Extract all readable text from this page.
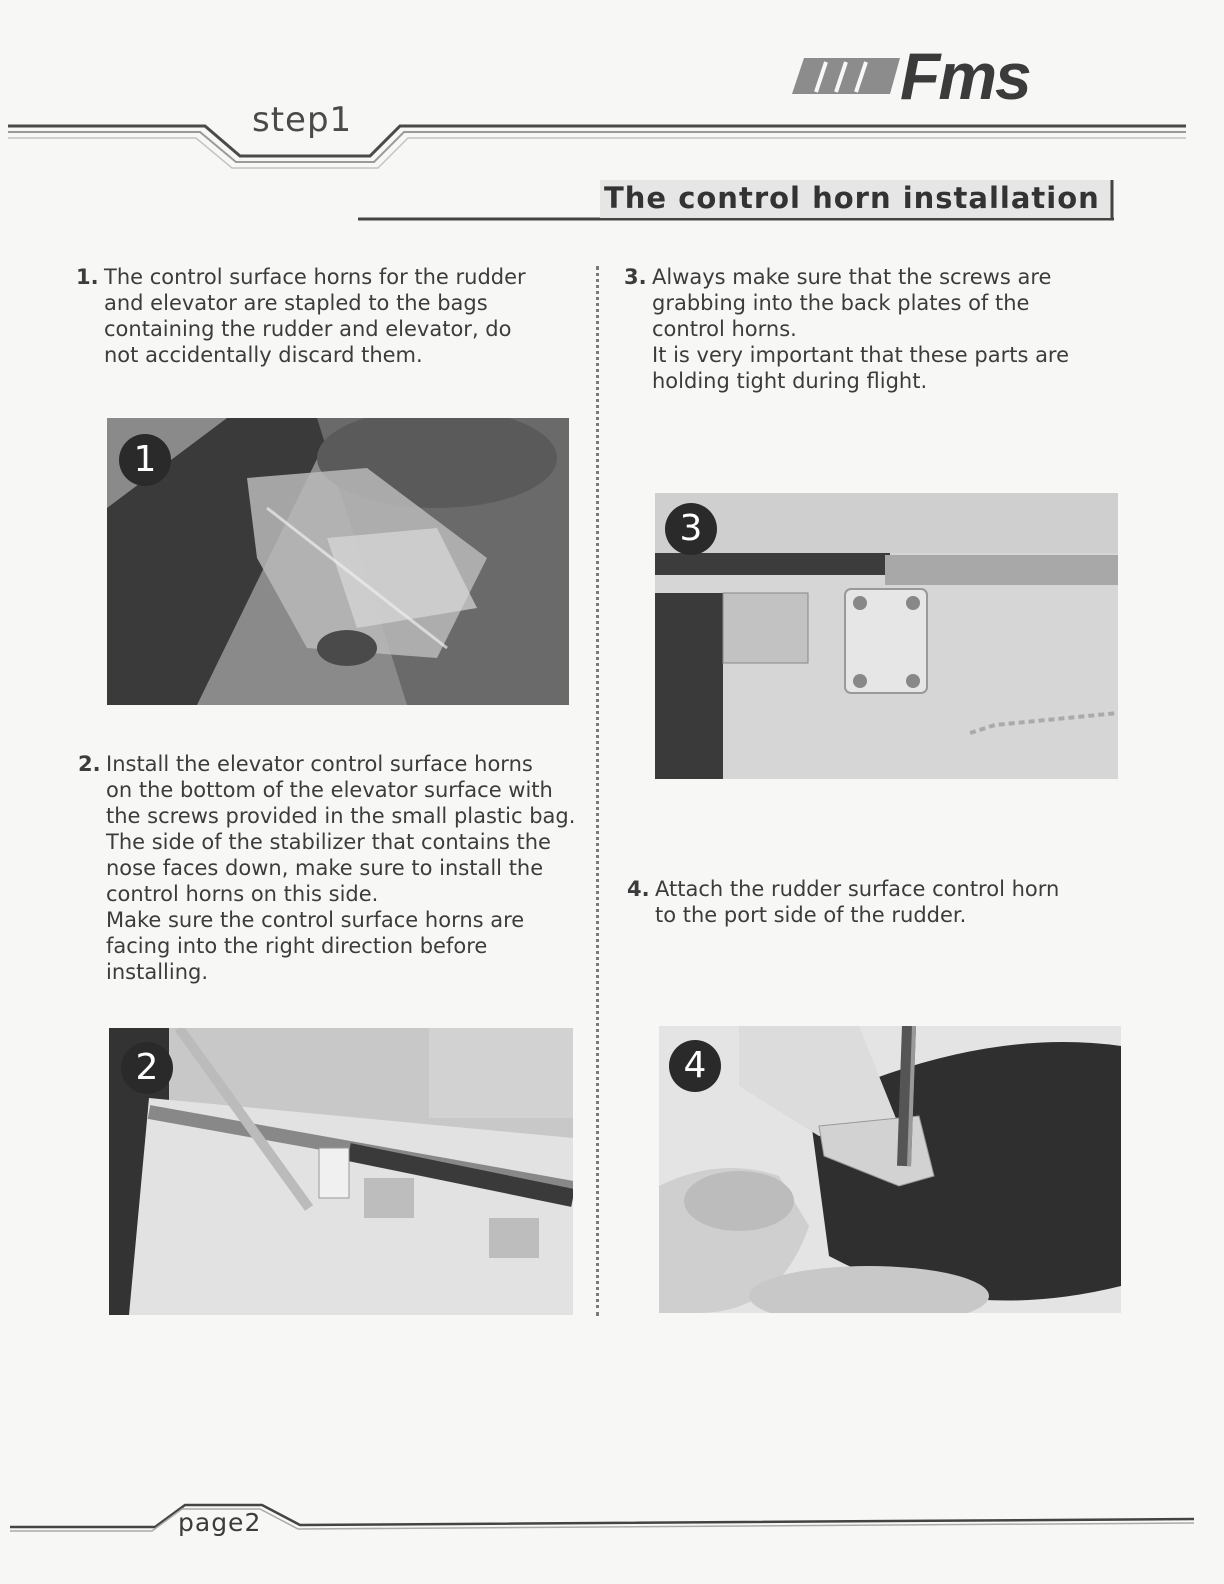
step1
Fms
The control horn installation
1. The control surface horns for the rudder
and elevator are stapled to the bags
containing the rudder and elevator, do
not accidentally discard them.
2. Install the elevator control surface horns
on the bottom of the elevator surface with
the screws provided in the small plastic bag.
The side of the stabilizer that contains the
nose faces down, make sure to install the
control horns on this side.
Make sure the control surface horns are
facing into the right direction before
installing.
3. Always make sure that the screws are
grabbing into the back plates of the
control horns.
It is very important that these parts are
holding tight during flight.
4. Attach the rudder surface control horn
to the port side of the rudder.
1
2
3
4
page2
